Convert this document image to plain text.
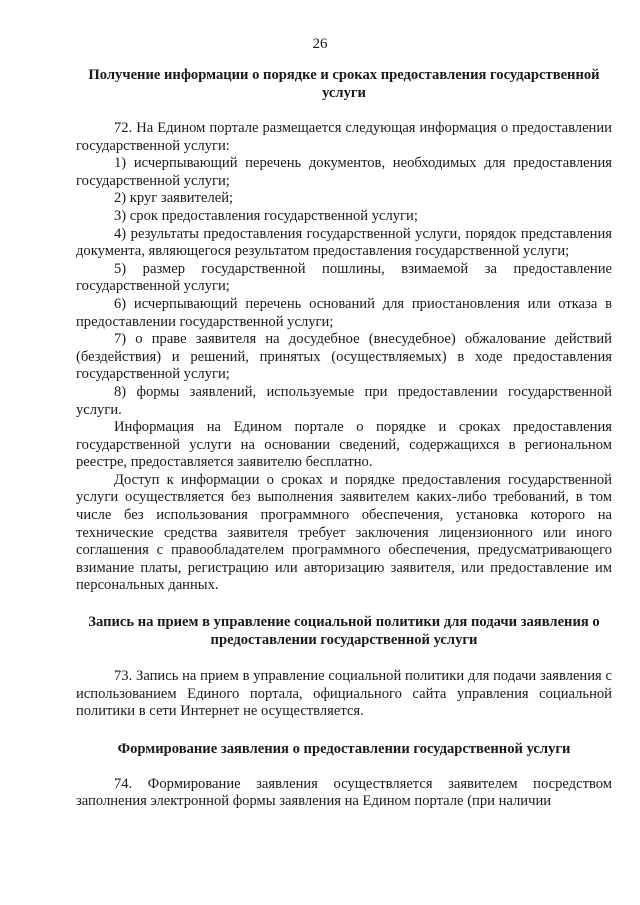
26
Получение информации о порядке и сроках предоставления государственной услуги

72. На Едином портале размещается следующая информация о предоставлении государственной услуги:

1) исчерпывающий перечень документов, необходимых для предоставления государственной услуги;

2) круг заявителей;

3) срок предоставления государственной услуги;

4) результаты предоставления государственной услуги, порядок представления документа, являющегося результатом предоставления государственной услуги;

5) размер государственной пошлины, взимаемой за предоставление государственной услуги;

6) исчерпывающий перечень оснований для приостановления или отказа в предоставлении государственной услуги;

7) о праве заявителя на досудебное (внесудебное) обжалование действий (бездействия) и решений, принятых (осуществляемых) в ходе предоставления государственной услуги;

8) формы заявлений, используемые при предоставлении государственной услуги.

Информация на Едином портале о порядке и сроках предоставления государственной услуги на основании сведений, содержащихся в региональном реестре, предоставляется заявителю бесплатно.

Доступ к информации о сроках и порядке предоставления государственной услуги осуществляется без выполнения заявителем каких-либо требований, в том числе без использования программного обеспечения, установка которого на технические средства заявителя требует заключения лицензионного или иного соглашения с правообладателем программного обеспечения, предусматривающего взимание платы, регистрацию или авторизацию заявителя, или предоставление им персональных данных.

Запись на прием в управление социальной политики для подачи заявления о предоставлении государственной услуги

73. Запись на прием в управление социальной политики для подачи заявления с использованием Единого портала, официального сайта управления социальной политики в сети Интернет не осуществляется.

Формирование заявления о предоставлении государственной услуги

74. Формирование заявления осуществляется заявителем посредством заполнения электронной формы заявления на Едином портале (при наличии
